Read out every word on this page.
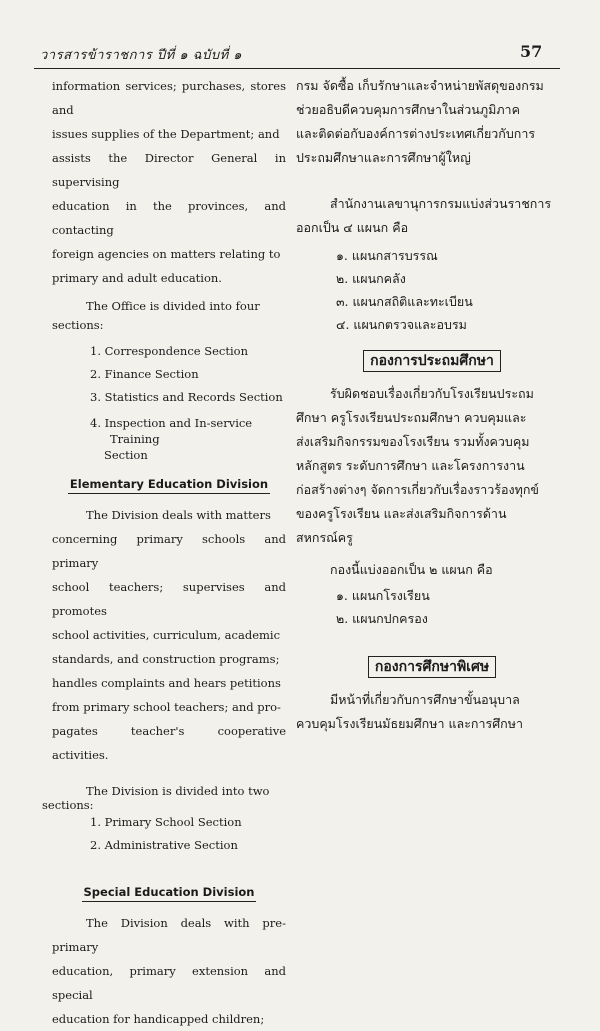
วารสารข้าราชการ ปีที่ ๑ ฉบับที่ ๑	57

information services; purchases, stores and

issues supplies of the Department; and

assists the Director General in supervising

education in the provinces, and contacting

foreign agencies on matters relating to

primary and adult education.

The Office is divided into four

sections:

1. Correspondence Section
2. Finance Section
3. Statistics and Records Section
4. Inspection and In-service Training
Section

Elementary Education Division

The Division deals with matters

concerning primary schools and primary

school teachers; supervises and promotes

school activities, curriculum, academic

standards, and construction programs;

handles complaints and hears petitions

from primary school teachers; and pro-

pagates teacher's cooperative activities.

The Division is divided into two

sections:

1. Primary School Section
2. Administrative Section

Special Education Division

The Division deals with pre-primary

education, primary extension and special

education for handicapped children;

กรม จัดซื้อ เก็บรักษาและจำหน่ายพัสดุของกรม

ช่วยอธิบดีควบคุมการศึกษาในส่วนภูมิภาค

และติดต่อกับองค์การต่างประเทศเกี่ยวกับการ

ประถมศึกษาและการศึกษาผู้ใหญ่

สำนักงานเลขานุการกรมแบ่งส่วนราชการ

ออกเป็น ๔ แผนก คือ

๑. แผนกสารบรรณ
๒. แผนกคลัง
๓. แผนกสถิติและทะเบียน
๔. แผนกตรวจและอบรม

กองการประถมศึกษา

รับผิดชอบเรื่องเกี่ยวกับโรงเรียนประถม

ศึกษา ครูโรงเรียนประถมศึกษา ควบคุมและ

ส่งเสริมกิจกรรมของโรงเรียน รวมทั้งควบคุม

หลักสูตร ระดับการศึกษา และโครงการงาน

ก่อสร้างต่างๆ จัดการเกี่ยวกับเรื่องราวร้องทุกข์

ของครูโรงเรียน และส่งเสริมกิจการด้าน

สหกรณ์ครู

กองนี้แบ่งออกเป็น ๒ แผนก คือ

๑. แผนกโรงเรียน
๒. แผนกปกครอง

กองการศึกษาพิเศษ

มีหน้าที่เกี่ยวกับการศึกษาขั้นอนุบาล

ควบคุมโรงเรียนมัธยมศึกษา และการศึกษา
